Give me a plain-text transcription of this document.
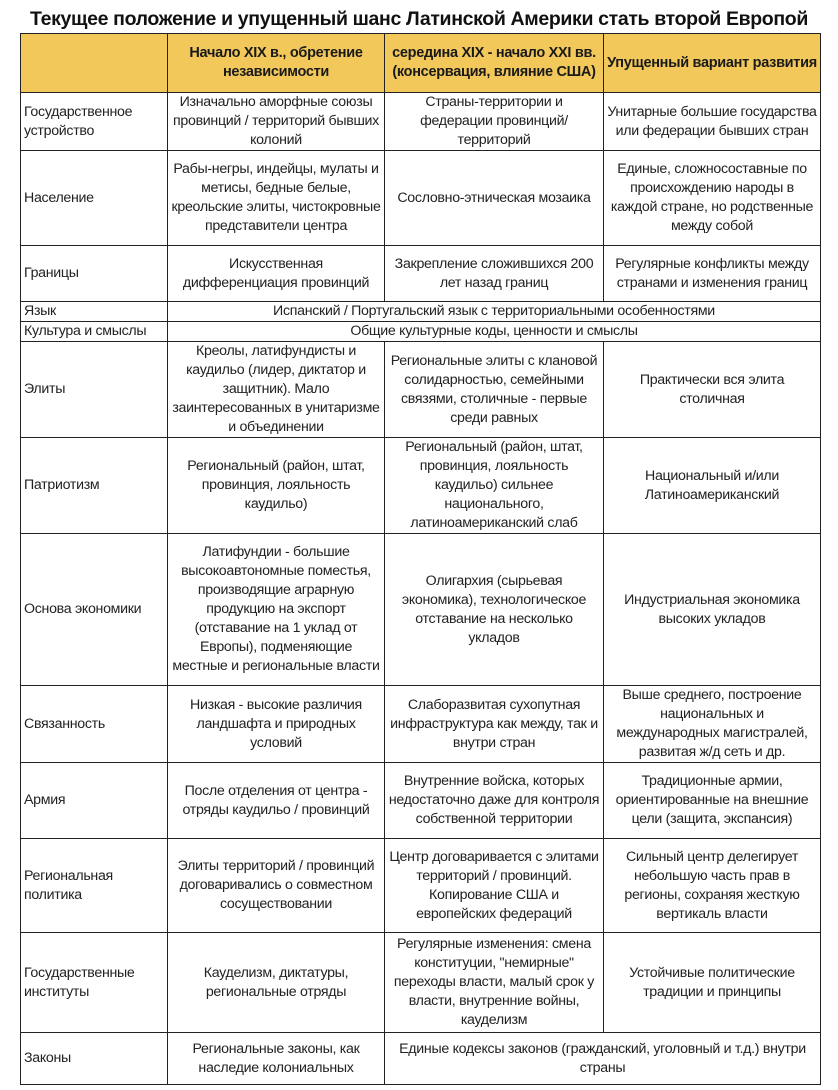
Текущее положение и упущенный шанс Латинской Америки стать второй Европой
	Начало XIX в., обретение независимости	середина XIX - начало XXI вв. (консервация, влияние США)	Упущенный вариант развития
Государственное устройство	Изначально аморфные союзы провинций / территорий бывших колоний	Страны-территории и федерации провинций/ территорий	Унитарные большие государства или федерации бывших стран
Население	Рабы-негры, индейцы, мулаты и метисы, бедные белые, креольские элиты, чистокровные представители центра	Сословно-этническая мозаика	Единые, сложносоставные по происхождению народы в каждой стране, но родственные между собой
Границы	Искусственная дифференциация провинций	Закрепление сложившихся 200 лет назад границ	Регулярные конфликты между странами и изменения границ
Язык	Испанский / Португальский язык с территориальными особенностями		
Культура и смыслы	Общие культурные коды, ценности и смыслы		
Элиты	Креолы, латифундисты и каудильо (лидер, диктатор и защитник). Мало заинтересованных в унитаризме и объединении	Региональные элиты с клановой солидарностью, семейными связями, столичные - первые среди равных	Практически вся элита столичная
Патриотизм	Региональный (район, штат, провинция, лояльность каудильо)	Региональный (район, штат, провинция, лояльность каудильо) сильнее национального, латиноамериканский слаб	Национальный и/или Латиноамериканский
Основа экономики	Латифундии - большие высокоавтономные поместья, производящие аграрную продукцию на экспорт (отставание на 1 уклад от Европы), подменяющие местные и региональные власти	Олигархия (сырьевая экономика), технологическое отставание на несколько укладов	Индустриальная экономика высоких укладов
Связанность	Низкая - высокие различия ландшафта и природных условий	Слаборазвитая сухопутная инфраструктура как между, так и внутри стран	Выше среднего, построение национальных и международных магистралей, развитая ж/д сеть и др.
Армия	После отделения от центра - отряды каудильо / провинций	Внутренние войска, которых недостаточно даже для контроля собственной территории	Традиционные армии, ориентированные на внешние цели (защита, экспансия)
Региональная политика	Элиты территорий / провинций договаривались о совместном сосуществовании	Центр договаривается с элитами территорий / провинций. Копирование США и европейских федераций	Сильный центр делегирует небольшую часть прав в регионы, сохраняя жесткую вертикаль власти
Государственные институты	Кауделизм, диктатуры, региональные отряды	Регулярные изменения: смена конституции, "немирные" переходы власти, малый срок у власти, внутренние войны, кауделизм	Устойчивые политические традиции и принципы
Законы	Региональные законы, как наследие колониальных	Единые кодексы законов (гражданский, уголовный и т.д.) внутри страны	
